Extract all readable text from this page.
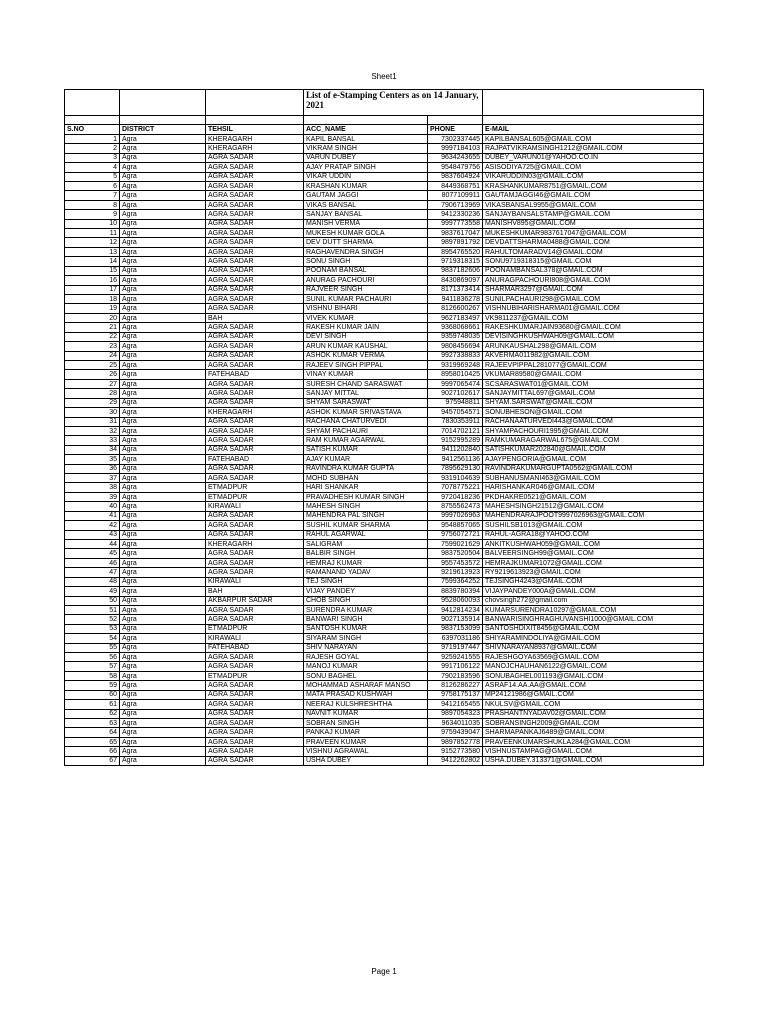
Sheet1
			List of e-Stamping Centers as on 14 January, 2021		

S.NO	DISTRICT	TEHSIL	ACC_NAME	PHONE	E-MAIL
1	Agra	KHERAGARH	KAPIL BANSAL	7302337445	KAPILBANSAL605@GMAIL.COM
2	Agra	KHERAGARH	VIKRAM SINGH	9997184103	RAJPATVIKRAMSINGH1212@GMAIL.COM
3	Agra	AGRA SADAR	VARUN DUBEY	9634243655	DUBEY_VARUN01@YAHOO.CO.IN
4	Agra	AGRA SADAR	AJAY PRATAP SINGH	9548479756	ASISODIYA725@GMAIL.COM
5	Agra	AGRA SADAR	VIKAR UDDIN	9837604924	VIKARUDDIN03@GMAIL.COM
6	Agra	AGRA SADAR	KRASHAN KUMAR	8449368751	KRASHANKUMAR8751@GMAIL.COM
7	Agra	AGRA SADAR	GAUTAM JAGGI	8077109911	GAUTAMJAGGI46@GMAIL.COM
8	Agra	AGRA SADAR	VIKAS BANSAL	7906713969	VIKASBANSAL9955@GMAIL.COM
9	Agra	AGRA SADAR	SANJAY BANSAL	9412330236	SANJAYBANSALSTAMP@GMAIL.COM
10	Agra	AGRA SADAR	MANISH VERMA	9997773558	MANISHV895@GMAIL.COM
11	Agra	AGRA SADAR	MUKESH KUMAR GOLA	9837617047	MUKESHKUMAR9837617047@GMAIL.COM
12	Agra	AGRA SADAR	DEV DUTT SHARMA	9897891792	DEVDATTSHARMA0488@GMAIL.COM
13	Agra	AGRA SADAR	RAGHAVENDRA SINGH	8954765520	RAHULTOMARADV14@GMAIL.COM
14	Agra	AGRA SADAR	SONU SINGH	9719318315	SONU9719318315@GMAIL.COM
15	Agra	AGRA SADAR	POONAM BANSAL	9837182606	POONAMBANSAL378@GMAIL.COM
16	Agra	AGRA SADAR	ANURAG PACHOURI	8430869097	ANURAGPACHOURI808@GMAIL.COM
17	Agra	AGRA SADAR	RAJVEER SINGH	8171373414	SHARMAR3297@GMAIL.COM
18	Agra	AGRA SADAR	SUNIL KUMAR PACHAURI	9411836278	SUNILPACHAURI298@GMAIL.COM
19	Agra	AGRA SADAR	VISHNU BIHARI	8126600267	VISHNUBIHARISHARMA01@GMAIL.COM
20	Agra	BAH	VIVEK KUMAR	9627183497	VK9811237@GMAIL.COM
21	Agra	AGRA SADAR	RAKESH KUMAR JAIN	9368068661	RAKESHKUMARJAIN93680@GMAIL.COM
22	Agra	AGRA SADAR	DEVI SINGH	9359748035	DEVISINGHKUSHWAH09@GMAIL.COM
23	Agra	AGRA SADAR	ARUN KUMAR KAUSHAL	9808456694	ARUNKAUSHAL298@GMAIL.COM
24	Agra	AGRA SADAR	ASHOK KUMAR VERMA	9927338833	AKVERMA011982@GMAIL.COM
25	Agra	AGRA SADAR	RAJEEV SINGH PIPPAL	9319969248	RAJEEVPIPPAL281077@GMAIL.COM
26	Agra	FATEHABAD	VINAY KUMAR	8958010425	VKUMAR89580@GMAIL.COM
27	Agra	AGRA SADAR	SURESH CHAND SARASWAT	9997065474	SCSARASWAT01@GMAIL.COM
28	Agra	AGRA SADAR	SANJAY MITTAL	9027102617	SANJAYMITTAL697@GMAIL.COM
29	Agra	AGRA SADAR	SHYAM SARASWAT	975948811	SHYAM.SARSWAT@GMAIL.COM
30	Agra	KHERAGARH	ASHOK KUMAR SRIVASTAVA	9457054571	SONUBHESON@GMAIL.COM
31	Agra	AGRA SADAR	RACHANA CHATURVEDI	7830353911	RACHANAATURVEDI443@GMAIL.COM
32	Agra	AGRA SADAR	SHYAM PACHAURI	7014702121	SHYAMPACHOURI1995@GMAIL.COM
33	Agra	AGRA SADAR	RAM KUMAR AGARWAL	9152995289	RAMKUMARAGARWAL675@GMAIL.COM
34	Agra	AGRA SADAR	SATISH KUMAR	9411202840	SATISHKUMAR202840@GMAIL.COM
35	Agra	FATEHABAD	AJAY KUMAR	9412561136	AJAYPENGORIA@GMAIL.COM
36	Agra	AGRA SADAR	RAVINDRA KUMAR GUPTA	7895629130	RAVINDRAKUMARGUPTA0562@GMAIL.COM
37	Agra	AGRA SADAR	MOHD SUBHAN	9319104639	SUBHANUSMANI463@GMAIL.COM
38	Agra	ETMADPUR	HARI SHANKAR	7078775221	HARISHANKAR046@GMAIL.COM
39	Agra	ETMADPUR	PRAVADHESH KUMAR SINGH	9720418236	PKDHAKRE0521@GMAIL.COM
40	Agra	KIRAWALI	MAHESH SINGH	8755562473	MAHESHSINGH21512@GMAIL.COM
41	Agra	AGRA SADAR	MAHENDRA PAL SINGH	9997026963	MAHENDRARAJPOOT9997026963@GMAIL.COM
42	Agra	AGRA SADAR	SUSHIL KUMAR SHARMA	9548857065	SUSHILSB1013@GMAIL.COM
43	Agra	AGRA SADAR	RAHUL AGARWAL	9756072721	RAHUL-AGRA18@YAHOO.COM
44	Agra	KHERAGARH	SALIGRAM	7599021629	ANKITKUSHWAH059@GMAIL.COM
45	Agra	AGRA SADAR	BALBIR SINGH	9837520504	BALVEERSINGH99@GMAIL.COM
46	Agra	AGRA SADAR	HEMRAJ KUMAR	9557453572	HEMRAJKUMAR1072@GMAIL.COM
47	Agra	AGRA SADAR	RAMANAND YADAV	9219613923	RY9219613923@GMAIL.COM
48	Agra	KIRAWALI	TEJ SINGH	7599364252	TEJSINGH4243@GMAIL.COM
49	Agra	BAH	VIJAY PANDEY	8839780394	VIJAYPANDEY000A@GMAIL.COM
50	Agra	AKBARPUR SADAR	CHOB SINGH	9528060093	chovsingh272@gmail.com
51	Agra	AGRA SADAR	SURENDRA KUMAR	9412814234	KUMARSURENDRA10297@GMAIL.COM
52	Agra	AGRA SADAR	BANWARI SINGH	9027135914	BANWARISINGHRAGHUVANSHI1000@GMAIL.COM
53	Agra	ETMADPUR	SANTOSH KUMAR	9837153099	SANTOSHDIXIT8456@GMAIL.COM
54	Agra	KIRAWALI	SIYARAM SINGH	6397031186	SHIYARAMINDOLIYA@GMAIL.COM
55	Agra	FATEHABAD	SHIV NARAYAN	9719197447	SHIVNARAYAN8937@GMAIL.COM
56	Agra	AGRA SADAR	RAJESH GOYAL	9259241555	RAJESHGOYA63569@GMAIL.COM
57	Agra	AGRA SADAR	MANOJ KUMAR	9917106122	MANOJCHAUHAN6122@GMAIL.COM
58	Agra	ETMADPUR	SONU BAGHEL	7902183596	SONUBAGHEL001193@GMAIL.COM
59	Agra	AGRA SADAR	MOHAMMAD ASHARAF MANSO	8126286227	ASRAF14.AA.AA@GMAIL.COM
60	Agra	AGRA SADAR	MATA PRASAD KUSHWAH	9758175137	MP24121986@GMAIL.COM
61	Agra	AGRA SADAR	NEERAJ KULSHRESHTHA	9412165455	NKULSV@GMAIL.COM
62	Agra	AGRA SADAR	NAVNIT KUMAR	9897054323	PRASHANTNYADAV02@GMAIL.COM
63	Agra	AGRA SADAR	SOBRAN SINGH	9634011035	SOBRANSINGH2009@GMAIL.COM
64	Agra	AGRA SADAR	PANKAJ KUMAR	9759439047	SHARMAPANKAJ6489@GMAIL.COM
65	Agra	AGRA SADAR	PRAVEEN KUMAR	9897852778	PRAVEENKUMARSHUKLA284@GMAIL.COM
66	Agra	AGRA SADAR	VISHNU AGRAWAL	9152773580	VISHNUSTAMPAG@GMAIL.COM
67	Agra	AGRA SADAR	USHA DUBEY	9412262802	USHA.DUBEY.313371@GMAIL.COM
Page 1
